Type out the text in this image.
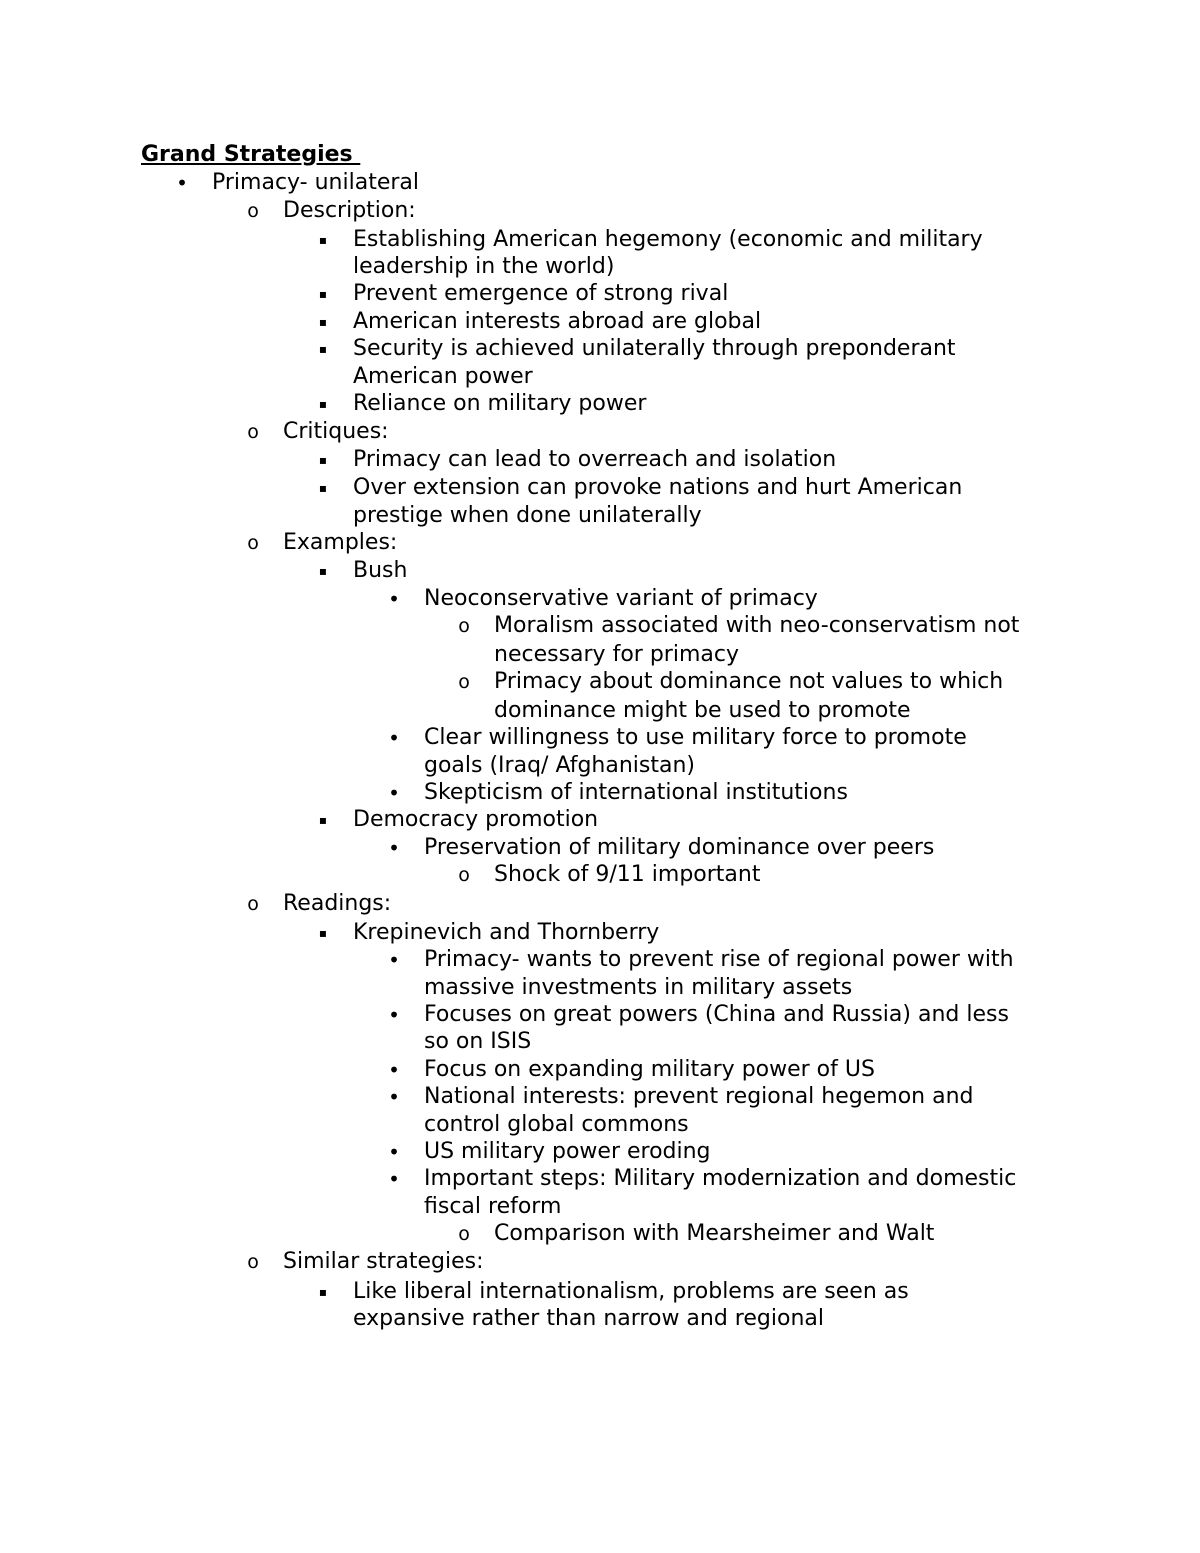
Grand Strategies
• Primacy- unilateral
o Description:
▪ Establishing American hegemony (economic and military
leadership in the world)
▪ Prevent emergence of strong rival
▪ American interests abroad are global
▪ Security is achieved unilaterally through preponderant
American power
▪ Reliance on military power
o Critiques:
▪ Primacy can lead to overreach and isolation
▪ Over extension can provoke nations and hurt American
prestige when done unilaterally
o Examples:
▪ Bush
• Neoconservative variant of primacy
o Moralism associated with neo-conservatism not
necessary for primacy
o Primacy about dominance not values to which
dominance might be used to promote
• Clear willingness to use military force to promote
goals (Iraq/ Afghanistan)
• Skepticism of international institutions
▪ Democracy promotion
• Preservation of military dominance over peers
o Shock of 9/11 important
o Readings:
▪ Krepinevich and Thornberry
• Primacy- wants to prevent rise of regional power with
massive investments in military assets
• Focuses on great powers (China and Russia) and less
so on ISIS
• Focus on expanding military power of US
• National interests: prevent regional hegemon and
control global commons
• US military power eroding
• Important steps: Military modernization and domestic
fiscal reform
o Comparison with Mearsheimer and Walt
o Similar strategies:
▪ Like liberal internationalism, problems are seen as
expansive rather than narrow and regional
